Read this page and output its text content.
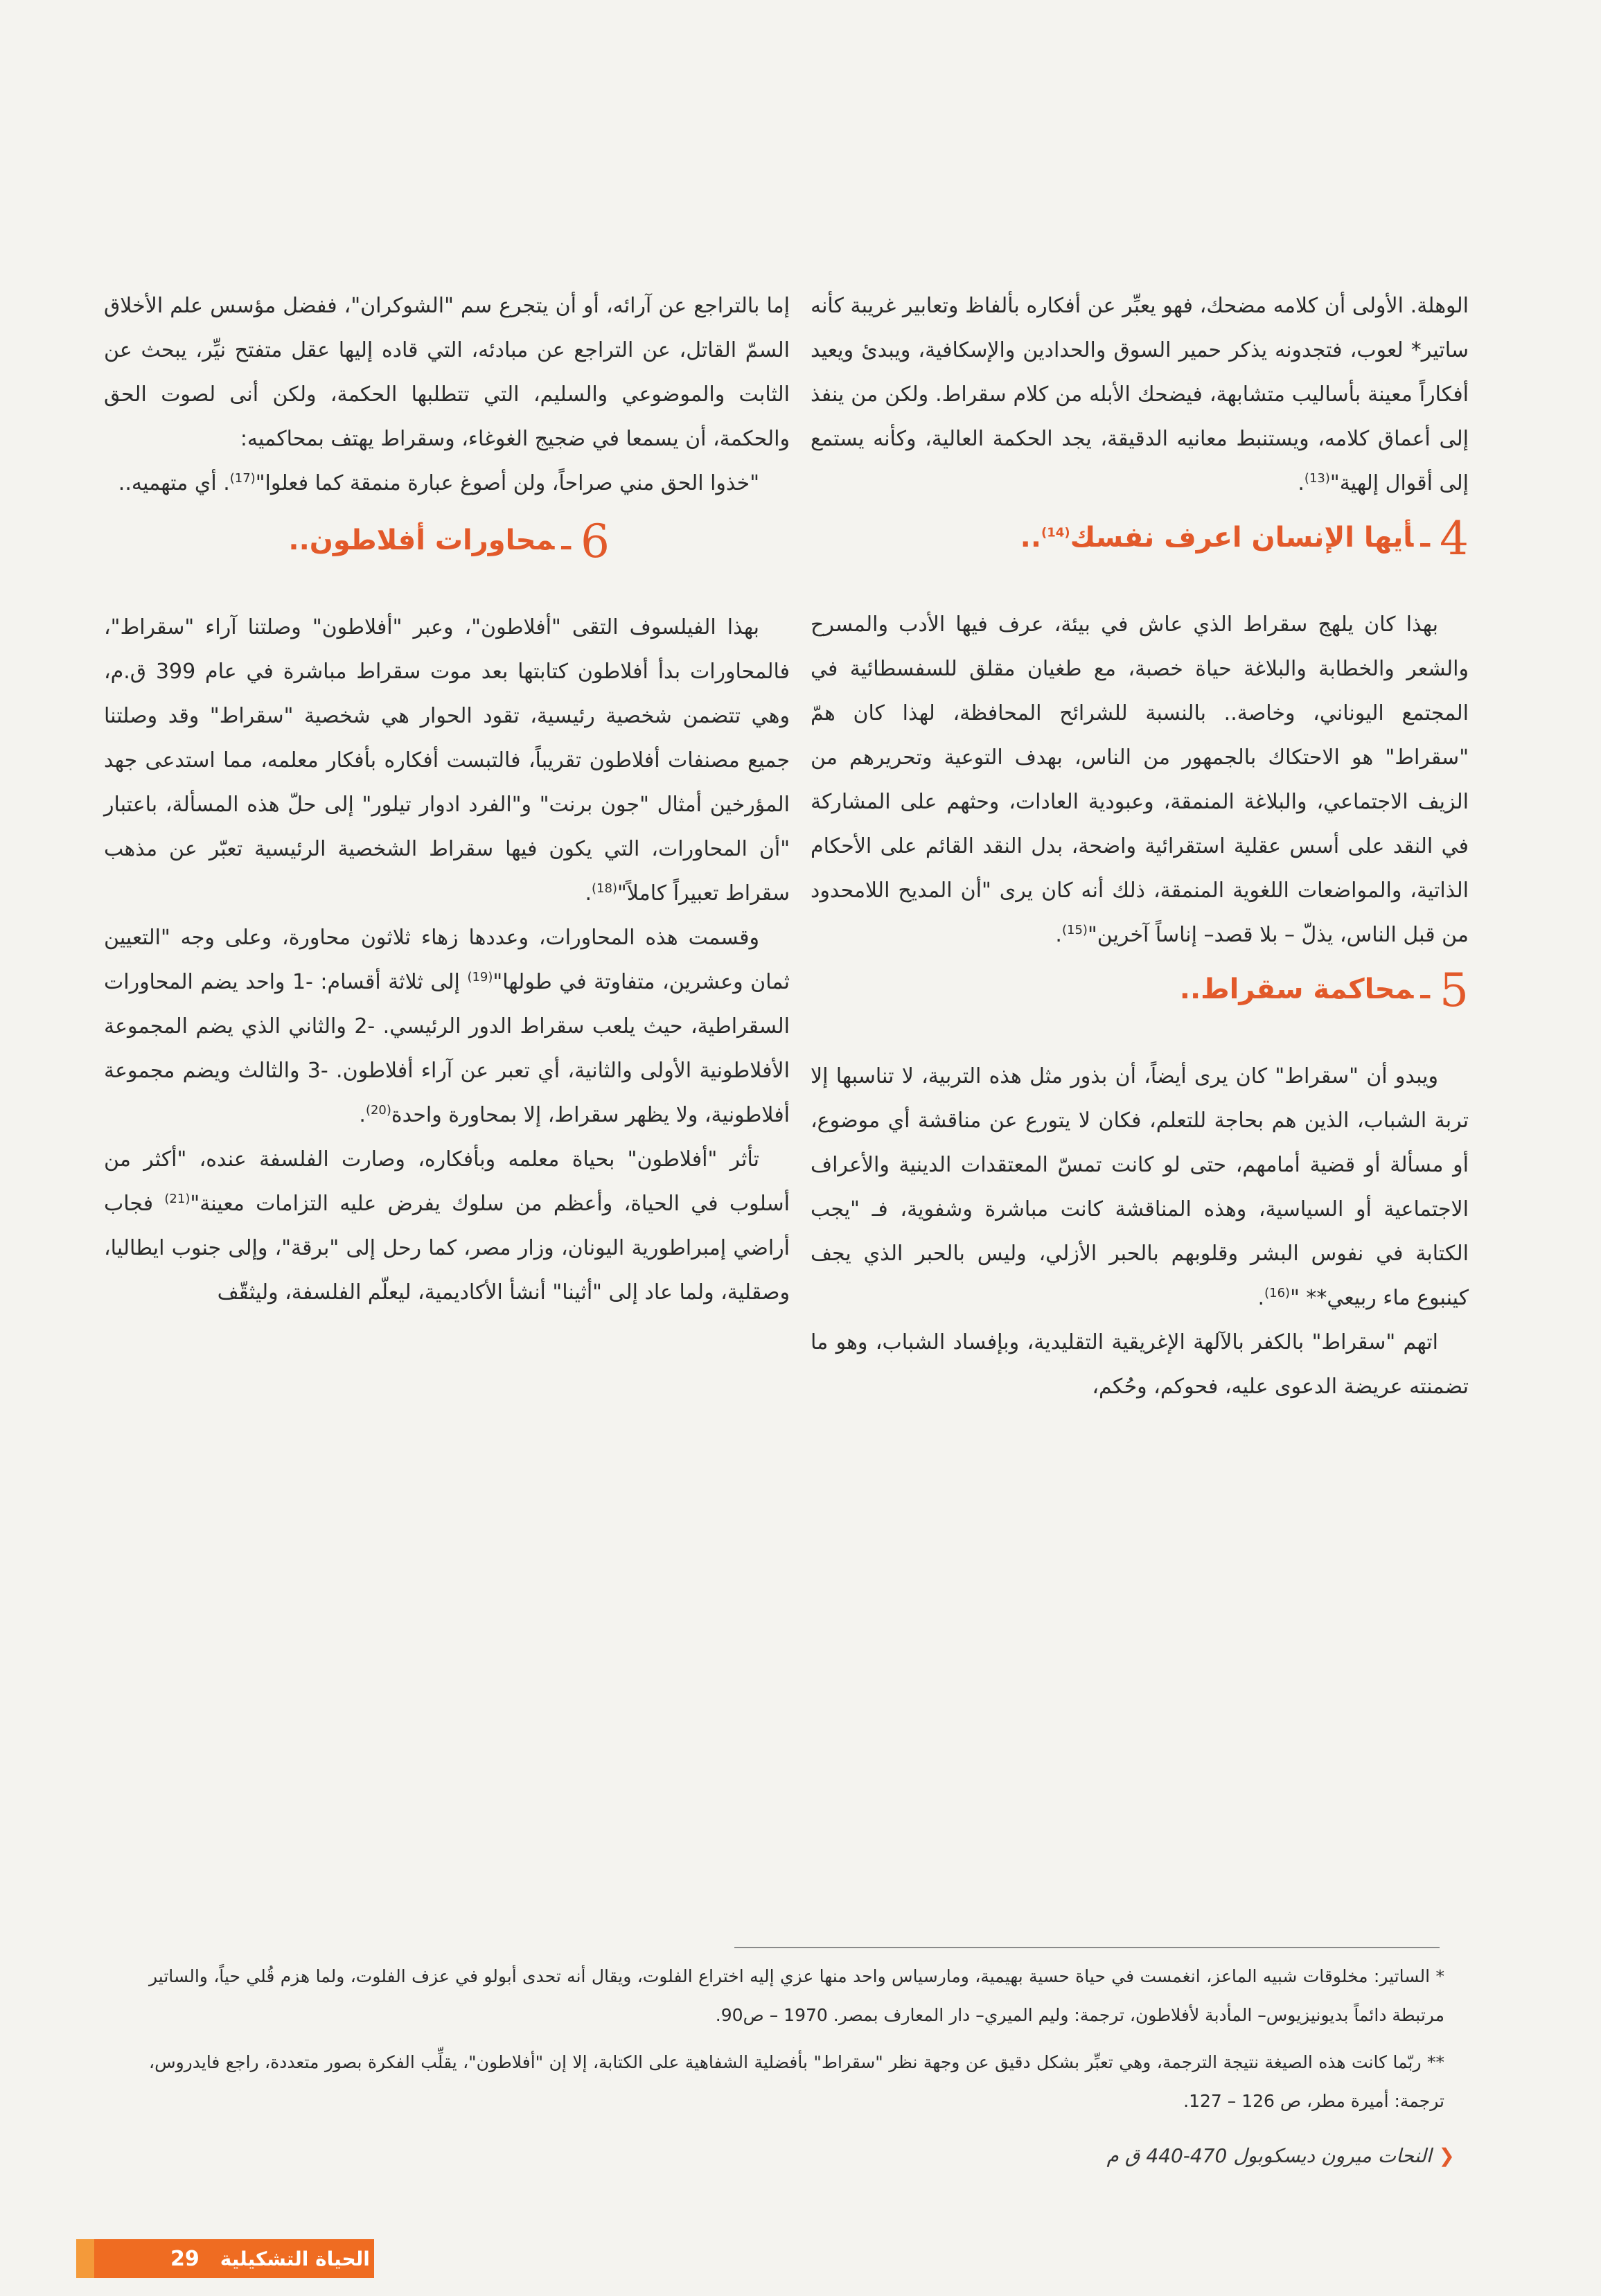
الوهلة. الأولى أن كلامه مضحك، فهو يعبِّر عن أفكاره بألفاظ وتعابير غريبة كأنه ساتير* لعوب، فتجدونه يذكر حمير السوق والحدادين والإسكافية، ويبدئ ويعيد أفكاراً معينة بأساليب متشابهة، فيضحك الأبله من كلام سقراط. ولكن من ينفذ إلى أعماق كلامه، ويستنبط معانيه الدقيقة، يجد الحكمة العالية، وكأنه يستمع إلى أقوال إلهية"$^{(13)}$.

4ـأيها الإنسان اعرف نفسك$^{(14)}$..

بهذا كان يلهج سقراط الذي عاش في بيئة، عرف فيها الأدب والمسرح والشعر والخطابة والبلاغة حياة خصبة، مع طغيان مقلق للسفسطائية في المجتمع اليوناني، وخاصة.. بالنسبة للشرائح المحافظة، لهذا كان همّ "سقراط" هو الاحتكاك بالجمهور من الناس، بهدف التوعية وتحريرهم من الزيف الاجتماعي، والبلاغة المنمقة، وعبودية العادات، وحثهم على المشاركة في النقد على أسس عقلية استقرائية واضحة، بدل النقد القائم على الأحكام الذاتية، والمواضعات اللغوية المنمقة، ذلك أنه كان يرى "أن المديح اللامحدود من قبل الناس، يذلّ – بلا قصد– إناساً آخرين"$^{(15)}$.

5ـمحاكمة سقراط..

ويبدو أن "سقراط" كان يرى أيضاً، أن بذور مثل هذه التربية، لا تناسبها إلا تربة الشباب، الذين هم بحاجة للتعلم، فكان لا يتورع عن مناقشة أي موضوع، أو مسألة أو قضية أمامهم، حتى لو كانت تمسّ المعتقدات الدينية والأعراف الاجتماعية أو السياسية، وهذه المناقشة كانت مباشرة وشفوية، فـ "يجب الكتابة في نفوس البشر وقلوبهم بالحبر الأزلي، وليس بالحبر الذي يجف كينبوع ماء ربيعي** "$^{(16)}$.

اتهم "سقراط" بالكفر بالآلهة الإغريقية التقليدية، وبإفساد الشباب، وهو ما تضمنته عريضة الدعوى عليه، فحوكم، وحُكم،

إما بالتراجع عن آرائه، أو أن يتجرع سم "الشوكران"، ففضل مؤسس علم الأخلاق السمّ القاتل، عن التراجع عن مبادئه، التي قاده إليها عقل متفتح نيِّر، يبحث عن الثابت والموضوعي والسليم، التي تتطلبها الحكمة، ولكن أنى لصوت الحق والحكمة، أن يسمعا في ضجيج الغوغاء، وسقراط يهتف بمحاكميه:

"خذوا الحق مني صراحاً، ولن أصوغ عبارة منمقة كما فعلوا"$^{(17)}$. أي متهميه..

6ـمحاورات أفلاطون..

بهذا الفيلسوف التقى "أفلاطون"، وعبر "أفلاطون" وصلتنا آراء "سقراط"، فالمحاورات بدأ أفلاطون كتابتها بعد موت سقراط مباشرة في عام 399 ق.م، وهي تتضمن شخصية رئيسية، تقود الحوار هي شخصية "سقراط" وقد وصلتنا جميع مصنفات أفلاطون تقريباً، فالتبست أفكاره بأفكار معلمه، مما استدعى جهد المؤرخين أمثال "جون برنت" و"الفرد ادوار تيلور" إلى حلّ هذه المسألة، باعتبار "أن المحاورات، التي يكون فيها سقراط الشخصية الرئيسية تعبّر عن مذهب سقراط تعبيراً كاملاً"$^{(18)}$.

وقسمت هذه المحاورات، وعددها زهاء ثلاثون محاورة، وعلى وجه "التعيين ثمان وعشرين، متفاوتة في طولها"$^{(19)}$ إلى ثلاثة أقسام: -1 واحد يضم المحاورات السقراطية، حيث يلعب سقراط الدور الرئيسي. -2 والثاني الذي يضم المجموعة الأفلاطونية الأولى والثانية، أي تعبر عن آراء أفلاطون. -3 والثالث ويضم مجموعة أفلاطونية، ولا يظهر سقراط، إلا بمحاورة واحدة$^{(20)}$.

تأثر "أفلاطون" بحياة معلمه وبأفكاره، وصارت الفلسفة عنده، "أكثر من أسلوب في الحياة، وأعظم من سلوك يفرض عليه التزامات معينة"$^{(21)}$ فجاب أراضي إمبراطورية اليونان، وزار مصر، كما رحل إلى "برقة"، وإلى جنوب ايطاليا، وصقلية، ولما عاد إلى "أثينا" أنشأ الأكاديمية، ليعلّم الفلسفة، وليثقّف

* الساتير: مخلوقات شبيه الماعز، انغمست في حياة حسية بهيمية، ومارسياس واحد منها عزي إليه اختراع الفلوت، ويقال أنه تحدى أبولو في عزف الفلوت، ولما هزم قُلي حياً، والساتير مرتبطة دائماً بديونيزيوس– المأدبة لأفلاطون، ترجمة: وليم الميري– دار المعارف بمصر. 1970 – ص90.

** ربّما كانت هذه الصيغة نتيجة الترجمة، وهي تعبِّر بشكل دقيق عن وجهة نظر "سقراط" بأفضلية الشفاهية على الكتابة، إلا إن "أفلاطون"، يقلِّب الفكرة بصور متعددة، راجع فايدروس، ترجمة: أميرة مطر، ص 126 – 127.

❮النحات ميرون ديسكوبول 470-440 ق م
29 الحياة التشكيلية
